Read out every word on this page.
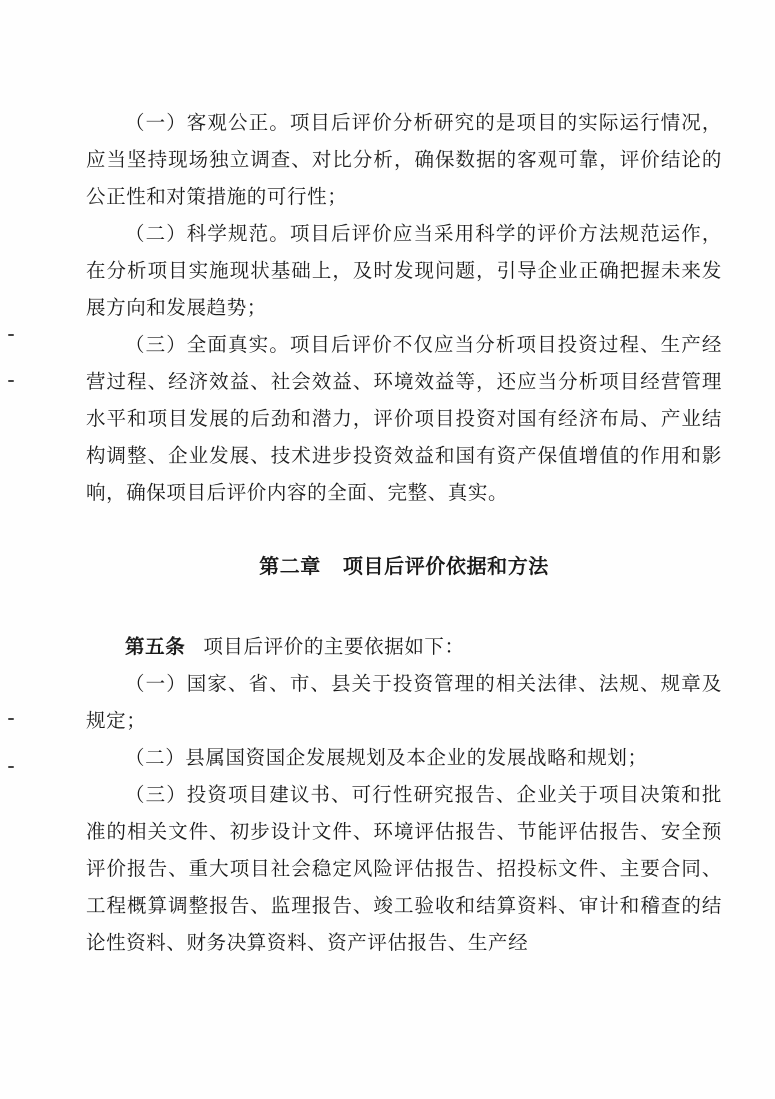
（一）客观公正。项目后评价分析研究的是项目的实际运行情况，应当坚持现场独立调查、对比分析，确保数据的客观可靠，评价结论的公正性和对策措施的可行性；

（二）科学规范。项目后评价应当采用科学的评价方法规范运作，在分析项目实施现状基础上，及时发现问题，引导企业正确把握未来发展方向和发展趋势；

（三）全面真实。项目后评价不仅应当分析项目投资过程、生产经营过程、经济效益、社会效益、环境效益等，还应当分析项目经营管理水平和项目发展的后劲和潜力，评价项目投资对国有经济布局、产业结构调整、企业发展、技术进步投资效益和国有资产保值增值的作用和影响，确保项目后评价内容的全面、完整、真实。

第二章 项目后评价依据和方法

第五条 项目后评价的主要依据如下：

（一）国家、省、市、县关于投资管理的相关法律、法规、规章及规定；

（二）县属国资国企发展规划及本企业的发展战略和规划；

（三）投资项目建议书、可行性研究报告、企业关于项目决策和批准的相关文件、初步设计文件、环境评估报告、节能评估报告、安全预评价报告、重大项目社会稳定风险评估报告、招投标文件、主要合同、工程概算调整报告、监理报告、竣工验收和结算资料、审计和稽查的结论性资料、财务决算资料、资产评估报告、生产经
